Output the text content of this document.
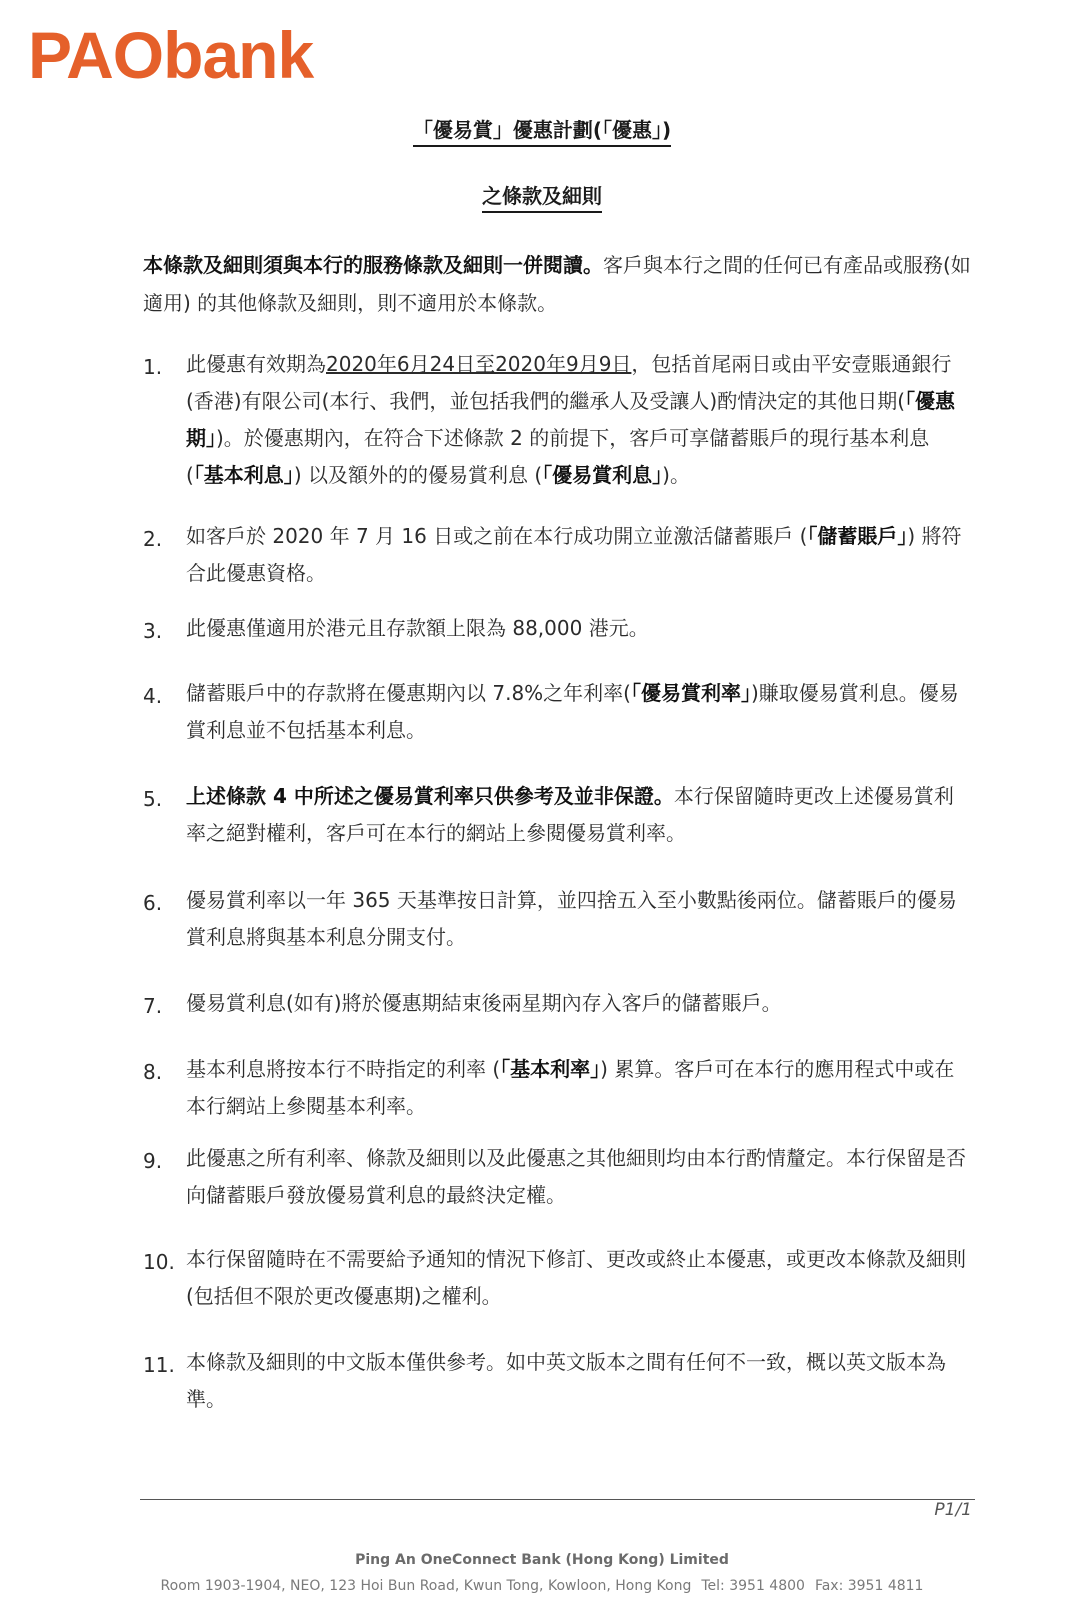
PAObank
「優易賞」優惠計劃(「優惠」)
之條款及細則

本條款及細則須與本行的服務條款及細則一併閱讀。客戶與本行之間的任何已有產品或服務(如適用) 的其他條款及細則，則不適用於本條款。

1.	此優惠有效期為2020年6月24日至2020年9月9日，包括首尾兩日或由平安壹賬通銀行(香港)有限公司(本行、我們，並包括我們的繼承人及受讓人)酌情決定的其他日期(「優惠期」)。於優惠期內，在符合下述條款 2 的前提下，客戶可享儲蓄賬戶的現行基本利息 (「基本利息」) 以及額外的的優易賞利息 (「優易賞利息」)。
2.	如客戶於 2020 年 7 月 16 日或之前在本行成功開立並激活儲蓄賬戶 (「儲蓄賬戶」) 將符合此優惠資格。
3.	此優惠僅適用於港元且存款額上限為 88,000 港元。
4.	儲蓄賬戶中的存款將在優惠期內以 7.8%之年利率(「優易賞利率」)賺取優易賞利息。優易賞利息並不包括基本利息。
5.	上述條款 4 中所述之優易賞利率只供參考及並非保證。本行保留隨時更改上述優易賞利率之絕對權利，客戶可在本行的網站上參閱優易賞利率。
6.	優易賞利率以一年 365 天基準按日計算，並四捨五入至小數點後兩位。儲蓄賬戶的優易賞利息將與基本利息分開支付。
7.	優易賞利息(如有)將於優惠期結束後兩星期內存入客戶的儲蓄賬戶。
8.	基本利息將按本行不時指定的利率 (「基本利率」) 累算。客戶可在本行的應用程式中或在本行網站上參閱基本利率。
9.	此優惠之所有利率、條款及細則以及此優惠之其他細則均由本行酌情釐定。本行保留是否向儲蓄賬戶發放優易賞利息的最終決定權。
10. 本行保留隨時在不需要給予通知的情況下修訂、更改或終止本優惠，或更改本條款及細則(包括但不限於更改優惠期)之權利。
11. 本條款及細則的中文版本僅供參考。如中英文版本之間有任何不一致，概以英文版本為準。
P1/1
Ping An OneConnect Bank (Hong Kong) Limited
Room 1903-1904, NEO, 123 Hoi Bun Road, Kwun Tong, Kowloon, Hong Kong Tel: 3951 4800 Fax: 3951 4811
